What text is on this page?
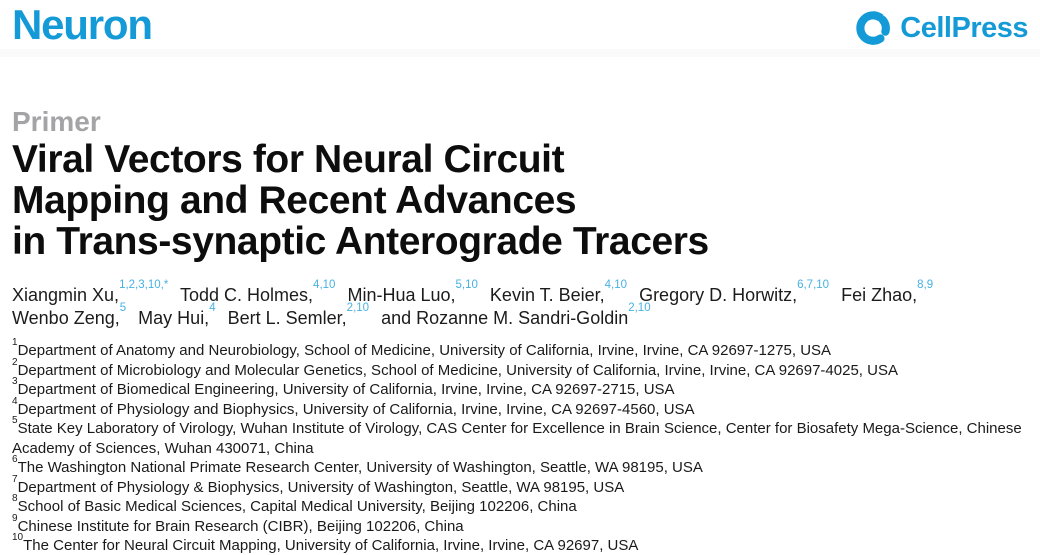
Neuron	CellPress
Primer
Viral Vectors for Neural Circuit
Mapping and Recent Advances
in Trans-synaptic Anterograde Tracers
Xiangmin Xu,$^{1,2,3,10,*}$ Todd C. Holmes,$^{4,10}$ Min-Hua Luo,$^{5,10}$ Kevin T. Beier,$^{4,10}$ Gregory D. Horwitz,$^{6,7,10}$ Fei Zhao,$^{8,9}$
Wenbo Zeng,$^5$ May Hui,$^4$ Bert L. Semler,$^{2,10}$ and Rozanne M. Sandri-Goldin$^{2,10}$
$^1$Department of Anatomy and Neurobiology, School of Medicine, University of California, Irvine, Irvine, CA 92697-1275, USA
$^2$Department of Microbiology and Molecular Genetics, School of Medicine, University of California, Irvine, Irvine, CA 92697-4025, USA
$^3$Department of Biomedical Engineering, University of California, Irvine, Irvine, CA 92697-2715, USA
$^4$Department of Physiology and Biophysics, University of California, Irvine, Irvine, CA 92697-4560, USA
$^5$State Key Laboratory of Virology, Wuhan Institute of Virology, CAS Center for Excellence in Brain Science, Center for Biosafety Mega-Science, Chinese Academy of Sciences, Wuhan 430071, China
$^6$The Washington National Primate Research Center, University of Washington, Seattle, WA 98195, USA
$^7$Department of Physiology & Biophysics, University of Washington, Seattle, WA 98195, USA
$^8$School of Basic Medical Sciences, Capital Medical University, Beijing 102206, China
$^9$Chinese Institute for Brain Research (CIBR), Beijing 102206, China
$^{10}$The Center for Neural Circuit Mapping, University of California, Irvine, Irvine, CA 92697, USA
